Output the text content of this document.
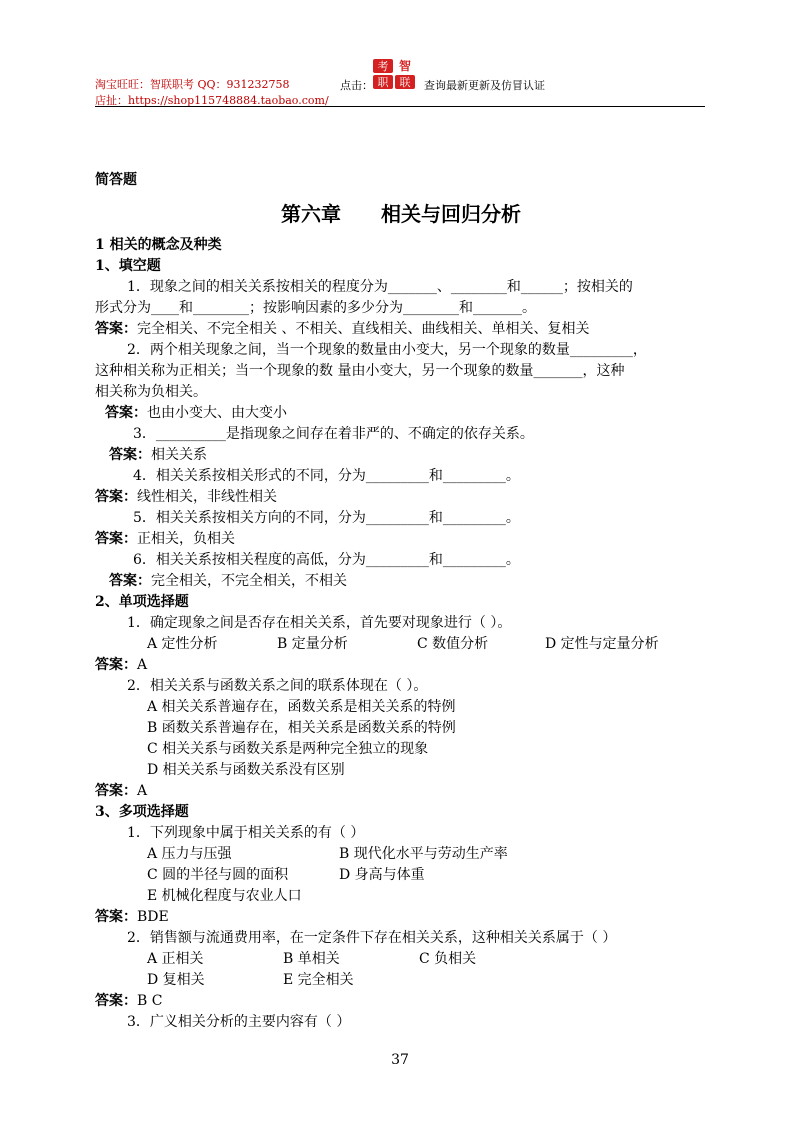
淘宝旺旺：智联职考 QQ：931232758
店扯：https://shop115748884.taobao.com/
点击：
考 智
职 联 查询最新更新及仿冒认证
简答题
第六章　　相关与回归分析
1 相关的概念及种类
1、填空题
1．现象之间的相关关系按相关的程度分为_______、________和______；按相关的
形式分为____和________；按影响因素的多少分为________和_______。
答案：完全相关、不完全相关 、不相关、直线相关、曲线相关、单相关、复相关
2．两个相关现象之间，当一个现象的数量由小变大，另一个现象的数量_________，
这种相关称为正相关；当一个现象的数 量由小变大，另一个现象的数量_______，这种
相关称为负相关。
答案：也由小变大、由大变小
3．__________是指现象之间存在着非严的、不确定的依存关系。
答案：相关关系
4．相关关系按相关形式的不同，分为_________和_________。
答案：线性相关，非线性相关
5．相关关系按相关方向的不同，分为_________和_________。
答案：正相关，负相关
6．相关关系按相关程度的高低，分为_________和_________。
答案：完全相关，不完全相关，不相关
2、单项选择题
1．确定现象之间是否存在相关关系，首先要对现象进行（ ）。
A 定性分析	B 定量分析	C 数值分析	D 定性与定量分析
答案：A
2．相关关系与函数关系之间的联系体现在（ ）。
A 相关关系普遍存在，函数关系是相关关系的特例
B 函数关系普遍存在，相关关系是函数关系的特例
C 相关关系与函数关系是两种完全独立的现象
D 相关关系与函数关系没有区别
答案：A
3、多项选择题
1．下列现象中属于相关关系的有（ ）
A 压力与压强	B 现代化水平与劳动生产率
C 圆的半径与圆的面积	D 身高与体重
E 机械化程度与农业人口
答案：BDE
2．销售额与流通费用率，在一定条件下存在相关关系，这种相关关系属于（ ）
A 正相关	B 单相关	C 负相关
D 复相关	E 完全相关
答案：B C
3．广义相关分析的主要内容有（ ）
37
